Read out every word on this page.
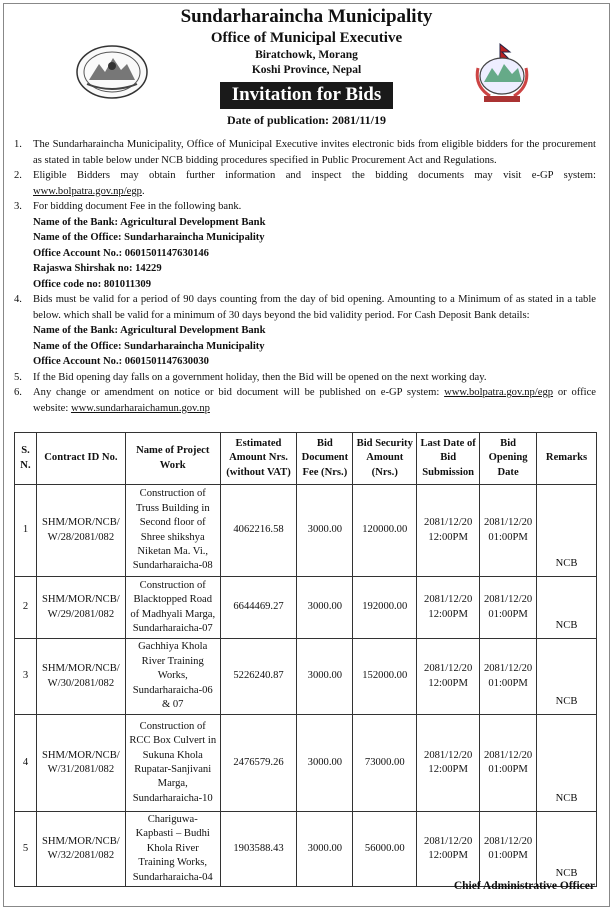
Sundarharaincha Municipality
Office of Municipal Executive
Biratchowk, Morang
Koshi Province, Nepal
Invitation for Bids
Date of publication: 2081/11/19
1.	The Sundarharaincha Municipality, Office of Municipal Executive invites electronic bids from eligible bidders for the procurement as stated in table below under NCB bidding procedures specified in Public Procurement Act and Regulations.
2.	Eligible Bidders may obtain further information and inspect the bidding documents may visit e-GP system: www.bolpatra.gov.np/egp.
3.	For bidding document Fee in the following bank.
Name of the Bank: Agricultural Development Bank
Name of the Office: Sundarharaincha Municipality
Office Account No.: 0601501147630146
Rajaswa Shirshak no: 14229
Office code no: 801011309
4.	Bids must be valid for a period of 90 days counting from the day of bid opening. Amounting to a Minimum of as stated in a table below. which shall be valid for a minimum of 30 days beyond the bid validity period. For Cash Deposit Bank details:
Name of the Bank: Agricultural Development Bank
Name of the Office: Sundarharaincha Municipality
Office Account No.: 0601501147630030
5.	If the Bid opening day falls on a government holiday, then the Bid will be opened on the next working day.
6.	Any change or amendment on notice or bid document will be published on e-GP system: www.bolpatra.gov.np/egp or office website: www.sundarharaichamun.gov.np
S. N.	Contract ID No.	Name of Project Work	Estimated Amount Nrs. (without VAT)	Bid Document Fee (Nrs.)	Bid Security Amount (Nrs.)	Last Date of Bid Submission	Bid Opening Date	Remarks
1	SHM/MOR/NCB/ W/28/2081/082	Construction of Truss Building in Second floor of Shree shikshya Niketan Ma. Vi., Sundarharaicha-08	4062216.58	3000.00	120000.00	2081/12/20 12:00PM	2081/12/20 01:00PM	NCB
2	SHM/MOR/NCB/ W/29/2081/082	Construction of Blacktopped Road of Madhyali Marga, Sundarharaicha-07	6644469.27	3000.00	192000.00	2081/12/20 12:00PM	2081/12/20 01:00PM	NCB
3	SHM/MOR/NCB/ W/30/2081/082	Gachhiya Khola River Training Works, Sundarharaicha-06 & 07	5226240.87	3000.00	152000.00	2081/12/20 12:00PM	2081/12/20 01:00PM	NCB
4	SHM/MOR/NCB/ W/31/2081/082	Construction of RCC Box Culvert in Sukuna Khola Rupatar-Sanjivani Marga, Sundarharaicha-10	2476579.26	3000.00	73000.00	2081/12/20 12:00PM	2081/12/20 01:00PM	NCB
5	SHM/MOR/NCB/ W/32/2081/082	Chariguwa- Kapbasti – Budhi Khola River Training Works, Sundarharaicha-04	1903588.43	3000.00	56000.00	2081/12/20 12:00PM	2081/12/20 01:00PM	NCB
Chief Administrative Officer
